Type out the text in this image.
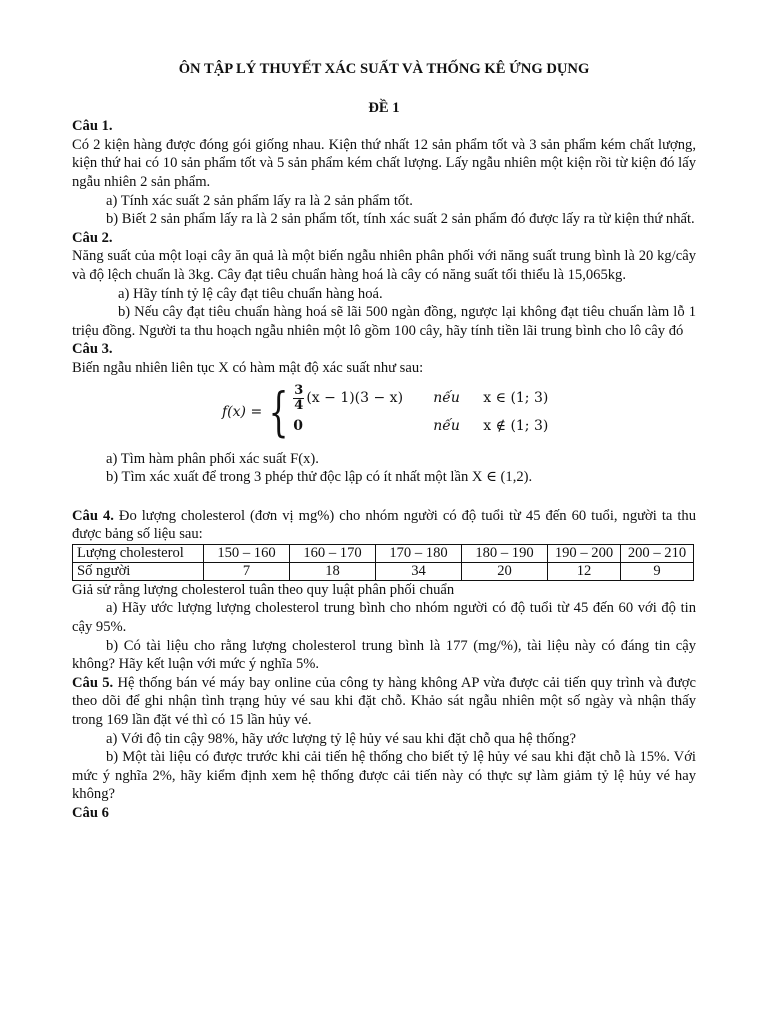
ÔN TẬP LÝ THUYẾT XÁC SUẤT VÀ THỐNG KÊ ỨNG DỤNG

ĐỀ 1

Câu 1.

Có 2 kiện hàng được đóng gói giống nhau. Kiện thứ nhất 12 sản phẩm tốt và 3 sản phẩm kém chất lượng, kiện thứ hai có 10 sản phẩm tốt và 5 sản phẩm kém chất lượng. Lấy ngẫu nhiên một kiện rồi từ kiện đó lấy ngẫu nhiên 2 sản phẩm.

a) Tính xác suất 2 sản phẩm lấy ra là 2 sản phẩm tốt.

b) Biết 2 sản phẩm lấy ra là 2 sản phẩm tốt, tính xác suất 2 sản phẩm đó được lấy ra từ kiện thứ nhất.

Câu 2.

Năng suất của một loại cây ăn quả là một biến ngẫu nhiên phân phối với năng suất trung bình là 20 kg/cây và độ lệch chuẩn là 3kg. Cây đạt tiêu chuẩn hàng hoá là cây có năng suất tối thiểu là 15,065kg.

a) Hãy tính tỷ lệ cây đạt tiêu chuẩn hàng hoá.

b) Nếu cây đạt tiêu chuẩn hàng hoá sẽ lãi 500 ngàn đồng, ngược lại không đạt tiêu chuẩn làm lỗ 1 triệu đồng. Người ta thu hoạch ngẫu nhiên một lô gồm 100 cây, hãy tính tiền lãi trung bình cho lô cây đó

Câu 3.

Biến ngẫu nhiên liên tục X có hàm mật độ xác suất như sau:

f(x) = { $\frac{3}{4} (x - 1)(3 - x)$ nếu	x ∈ (1; 3)
0	nếu	x ∉ (1; 3)

a) Tìm hàm phân phối xác suất F(x).

b) Tìm xác xuất để trong 3 phép thử độc lập có ít nhất một lần X ∈ (1,2).

Câu 4. Đo lượng cholesterol (đơn vị mg%) cho nhóm người có độ tuổi từ 45 đến 60 tuổi, người ta thu được bảng số liệu sau:

Lượng cholesterol	150 – 160	160 – 170	170 – 180	180 – 190	190 – 200	200 – 210
Số người	7	18	34	20	12	9

Giả sử rằng lượng cholesterol tuân theo quy luật phân phối chuẩn

a) Hãy ước lượng lượng cholesterol trung bình cho nhóm người có độ tuổi từ 45 đến 60 với độ tin cậy 95%.

b) Có tài liệu cho rằng lượng cholesterol trung bình là 177 (mg/%), tài liệu này có đáng tin cậy không? Hãy kết luận với mức ý nghĩa 5%.

Câu 5. Hệ thống bán vé máy bay online của công ty hàng không AP vừa được cải tiến quy trình và được theo dõi để ghi nhận tình trạng hủy vé sau khi đặt chỗ. Khảo sát ngẫu nhiên một số ngày và nhận thấy trong 169 lần đặt vé thì có 15 lần hủy vé.

a) Với độ tin cậy 98%, hãy ước lượng tỷ lệ hủy vé sau khi đặt chỗ qua hệ thống?

b) Một tài liệu có được trước khi cải tiến hệ thống cho biết tỷ lệ hủy vé sau khi đặt chỗ là 15%. Với mức ý nghĩa 2%, hãy kiểm định xem hệ thống được cải tiến này có thực sự làm giảm tỷ lệ hủy vé hay không?

Câu 6
